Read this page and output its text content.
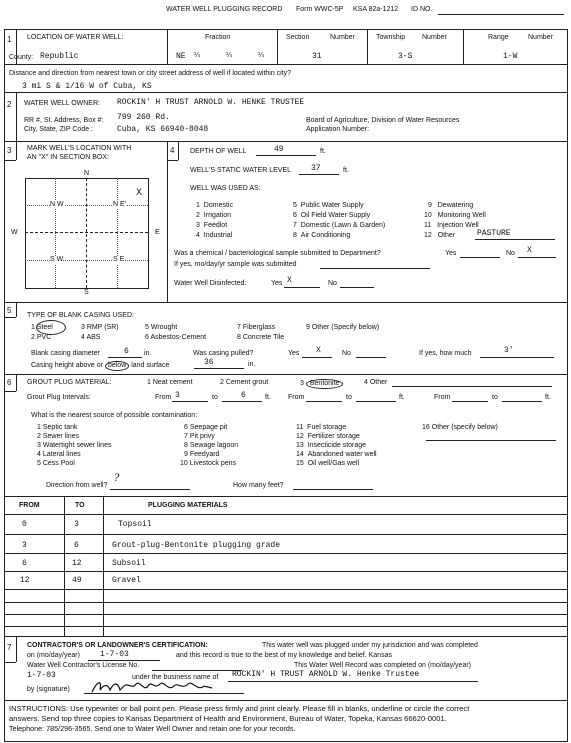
WATER WELL PLUGGING RECORD Form WWC-5P KSA 82a-1212 ID NO.
1 LOCATION OF WATER WELL:
County: Republic
Fraction
NE ¼	¼	¼
Section	Number
31
Township Number
3-S
Range	Number
1-W
Distance and direction from nearest town or city street address of well if located within city?
3 mi S & 1/16 W of Cuba, KS
2 WATER WELL OWNER: ROCKIN' H TRUST ARNOLD W. HENKE TRUSTEE
RR #, St. Address, Box #: 799 260 Rd.
City, State, ZIP Code :	Cuba, KS 66940-8048
Board of Agriculture, Division of Water Resources
Application Number:
3 MARK WELL'S LOCATION WITH
AN "X" IN SECTION BOX:
N
S
W	E
N W	N E'
S W	S E
X
4 DEPTH OF WELL	49	ft.
WELL'S STATIC WATER LEVEL 37	ft.
WELL WAS USED AS:
1 Domestic
2 Irrigation
3 Feedlot
4 Industrial
5 Public Water Supply
6 Oil Field Water Supply
7 Domestic (Lawn & Garden)
8 Air Conditioning
9 Dewatering
10 Monitoring Well
11 Injection Well
12 Other	PASTURE
Was a chemical / bacteriological sample submitted to Department?	Yes	No X
If yes, mo/day/yr sample was submitted
Water Well Disinfected:	Yes X	No
5
TYPE OF BLANK CASING USED:
1 Steel
2 PVC
3 RMP (SR)
4 ABS
5 Wrought
6 Asbestos-Cement
7 Fiberglass
8 Concrete Tile
9 Other (Specify below)
Blank casing diameter	6 in.	Was casing pulled?	Yes X	No	If yes, how much	3'
Casing height above or below land surface	36	in.
6 GROUT PLUG MATERIAL:	1 Neat cement	2 Cement grout	3 Bentonite	4 Other
Grout Plug Intervals:	From 3	to	6	ft. From	to	ft.	From	to	ft.
What is the nearest source of possible contamination:
1 Septic tank
2 Sewer lines
3 Watertight sewer lines
4 Lateral lines
5 Cess Pool
6 Seepage pit
7 Pit privy
8 Sewage lagoon
9 Feedyard
10 Livestock pens
11 Fuel storage
12 Fertilizer storage
13 Insecticide storage
14 Abandoned water well
15 Oil well/Gas well
16 Other (specify below)
Direction from well?
?
How many feet?
FROM	TO	PLUGGING MATERIALS
0	3	Topsoil
3	6	Grout-plug-Bentonite plugging grade
6	12	Subsoil
12	49	Gravel
7 CONTRACTOR'S OR LANDOWNER'S CERTIFICATION:	This water well was plugged under my jurisdiction and was completed
on (mo/day/year)	1-7-03	and this record is true to the best of my knowledge and belief. Kansas
Water Well Contractor's License No.	This Water Well Record was completed on (mo/day/year)
1-7-03	under the business name of ROCKIN' H TRUST ARNOLD W. Henke Trustee
by (signature)
INSTRUCTIONS: Use typewriter or ball point pen. Please press firmly and print clearly. Please fill in blanks, underline or circle the correct
answers. Send top three copies to Kansas Department of Health and Environment, Bureau of Water, Topeka, Kansas 66620-0001.
Telephone: 785/296-3565. Send one to Water Well Owner and retain one for your records.
